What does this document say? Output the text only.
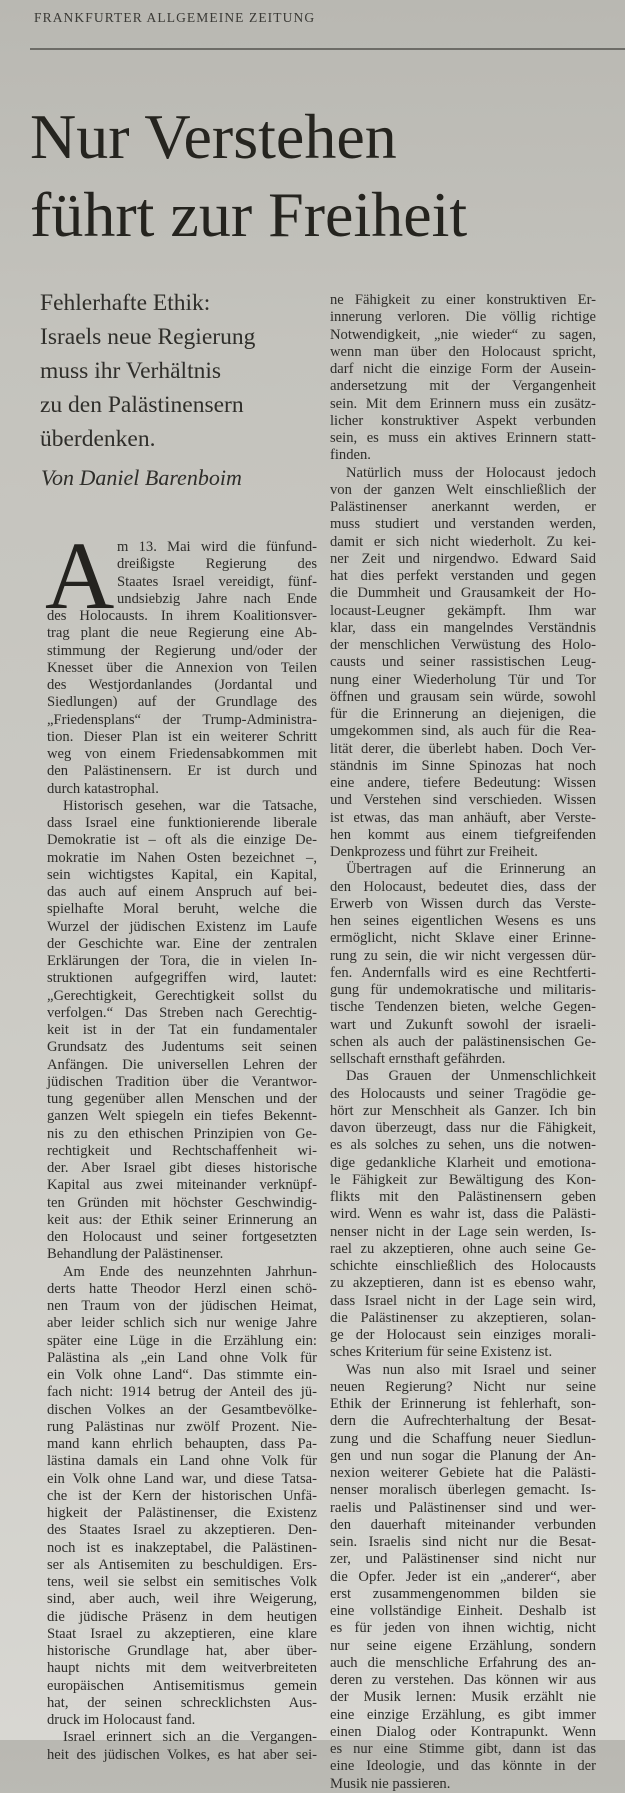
FRANKFURTER ALLGEMEINE ZEITUNG
Nur Verstehen
führt zur Freiheit
Fehlerhafte Ethik:
Israels neue Regierung
muss ihr Verhältnis
zu den Palästinensern
überdenken.
Von Daniel Barenboim
A m 13. Mai wird die fünfund-
dreißigste Regierung des
Staates Israel vereidigt, fünf-
undsiebzig Jahre nach Ende
des Holocausts. In ihrem Koalitionsver-
trag plant die neue Regierung eine Ab-
stimmung der Regierung und/oder der
Knesset über die Annexion von Teilen
des Westjordanlandes (Jordantal und
Siedlungen) auf der Grundlage des
„Friedensplans“ der Trump-Administra-
tion. Dieser Plan ist ein weiterer Schritt
weg von einem Friedensabkommen mit
den Palästinensern. Er ist durch und
durch katastrophal.
Historisch gesehen, war die Tatsache,
dass Israel eine funktionierende liberale
Demokratie ist – oft als die einzige De-
mokratie im Nahen Osten bezeichnet –,
sein wichtigstes Kapital, ein Kapital,
das auch auf einem Anspruch auf bei-
spielhafte Moral beruht, welche die
Wurzel der jüdischen Existenz im Laufe
der Geschichte war. Eine der zentralen
Erklärungen der Tora, die in vielen In-
struktionen aufgegriffen wird, lautet:
„Gerechtigkeit, Gerechtigkeit sollst du
verfolgen.“ Das Streben nach Gerechtig-
keit ist in der Tat ein fundamentaler
Grundsatz des Judentums seit seinen
Anfängen. Die universellen Lehren der
jüdischen Tradition über die Verantwor-
tung gegenüber allen Menschen und der
ganzen Welt spiegeln ein tiefes Bekennt-
nis zu den ethischen Prinzipien von Ge-
rechtigkeit und Rechtschaffenheit wi-
der. Aber Israel gibt dieses historische
Kapital aus zwei miteinander verknüpf-
ten Gründen mit höchster Geschwindig-
keit aus: der Ethik seiner Erinnerung an
den Holocaust und seiner fortgesetzten
Behandlung der Palästinenser.
Am Ende des neunzehnten Jahrhun-
derts hatte Theodor Herzl einen schö-
nen Traum von der jüdischen Heimat,
aber leider schlich sich nur wenige Jahre
später eine Lüge in die Erzählung ein:
Palästina als „ein Land ohne Volk für
ein Volk ohne Land“. Das stimmte ein-
fach nicht: 1914 betrug der Anteil des jü-
dischen Volkes an der Gesamtbevölke-
rung Palästinas nur zwölf Prozent. Nie-
mand kann ehrlich behaupten, dass Pa-
lästina damals ein Land ohne Volk für
ein Volk ohne Land war, und diese Tatsa-
che ist der Kern der historischen Unfä-
higkeit der Palästinenser, die Existenz
des Staates Israel zu akzeptieren. Den-
noch ist es inakzeptabel, die Palästinen-
ser als Antisemiten zu beschuldigen. Ers-
tens, weil sie selbst ein semitisches Volk
sind, aber auch, weil ihre Weigerung,
die jüdische Präsenz in dem heutigen
Staat Israel zu akzeptieren, eine klare
historische Grundlage hat, aber über-
haupt nichts mit dem weitverbreiteten
europäischen Antisemitismus gemein
hat, der seinen schrecklichsten Aus-
druck im Holocaust fand.
Israel erinnert sich an die Vergangen-
heit des jüdischen Volkes, es hat aber sei-
ne Fähigkeit zu einer konstruktiven Er-
innerung verloren. Die völlig richtige
Notwendigkeit, „nie wieder“ zu sagen,
wenn man über den Holocaust spricht,
darf nicht die einzige Form der Ausein-
andersetzung mit der Vergangenheit
sein. Mit dem Erinnern muss ein zusätz-
licher konstruktiver Aspekt verbunden
sein, es muss ein aktives Erinnern statt-
finden.
Natürlich muss der Holocaust jedoch
von der ganzen Welt einschließlich der
Palästinenser anerkannt werden, er
muss studiert und verstanden werden,
damit er sich nicht wiederholt. Zu kei-
ner Zeit und nirgendwo. Edward Said
hat dies perfekt verstanden und gegen
die Dummheit und Grausamkeit der Ho-
locaust-Leugner gekämpft. Ihm war
klar, dass ein mangelndes Verständnis
der menschlichen Verwüstung des Holo-
causts und seiner rassistischen Leug-
nung einer Wiederholung Tür und Tor
öffnen und grausam sein würde, sowohl
für die Erinnerung an diejenigen, die
umgekommen sind, als auch für die Rea-
lität derer, die überlebt haben. Doch Ver-
ständnis im Sinne Spinozas hat noch
eine andere, tiefere Bedeutung: Wissen
und Verstehen sind verschieden. Wissen
ist etwas, das man anhäuft, aber Verste-
hen kommt aus einem tiefgreifenden
Denkprozess und führt zur Freiheit.
Übertragen auf die Erinnerung an
den Holocaust, bedeutet dies, dass der
Erwerb von Wissen durch das Verste-
hen seines eigentlichen Wesens es uns
ermöglicht, nicht Sklave einer Erinne-
rung zu sein, die wir nicht vergessen dür-
fen. Andernfalls wird es eine Rechtferti-
gung für undemokratische und militaris-
tische Tendenzen bieten, welche Gegen-
wart und Zukunft sowohl der israeli-
schen als auch der palästinensischen Ge-
sellschaft ernsthaft gefährden.
Das Grauen der Unmenschlichkeit
des Holocausts und seiner Tragödie ge-
hört zur Menschheit als Ganzer. Ich bin
davon überzeugt, dass nur die Fähigkeit,
es als solches zu sehen, uns die notwen-
dige gedankliche Klarheit und emotiona-
le Fähigkeit zur Bewältigung des Kon-
flikts mit den Palästinensern geben
wird. Wenn es wahr ist, dass die Palästi-
nenser nicht in der Lage sein werden, Is-
rael zu akzeptieren, ohne auch seine Ge-
schichte einschließlich des Holocausts
zu akzeptieren, dann ist es ebenso wahr,
dass Israel nicht in der Lage sein wird,
die Palästinenser zu akzeptieren, solan-
ge der Holocaust sein einziges morali-
sches Kriterium für seine Existenz ist.
Was nun also mit Israel und seiner
neuen Regierung? Nicht nur seine
Ethik der Erinnerung ist fehlerhaft, son-
dern die Aufrechterhaltung der Besat-
zung und die Schaffung neuer Siedlun-
gen und nun sogar die Planung der An-
nexion weiterer Gebiete hat die Palästi-
nenser moralisch überlegen gemacht. Is-
raelis und Palästinenser sind und wer-
den dauerhaft miteinander verbunden
sein. Israelis sind nicht nur die Besat-
zer, und Palästinenser sind nicht nur
die Opfer. Jeder ist ein „anderer“, aber
erst zusammengenommen bilden sie
eine vollständige Einheit. Deshalb ist
es für jeden von ihnen wichtig, nicht
nur seine eigene Erzählung, sondern
auch die menschliche Erfahrung des an-
deren zu verstehen. Das können wir aus
der Musik lernen: Musik erzählt nie
eine einzige Erzählung, es gibt immer
einen Dialog oder Kontrapunkt. Wenn
es nur eine Stimme gibt, dann ist das
eine Ideologie, und das könnte in der
Musik nie passieren.
